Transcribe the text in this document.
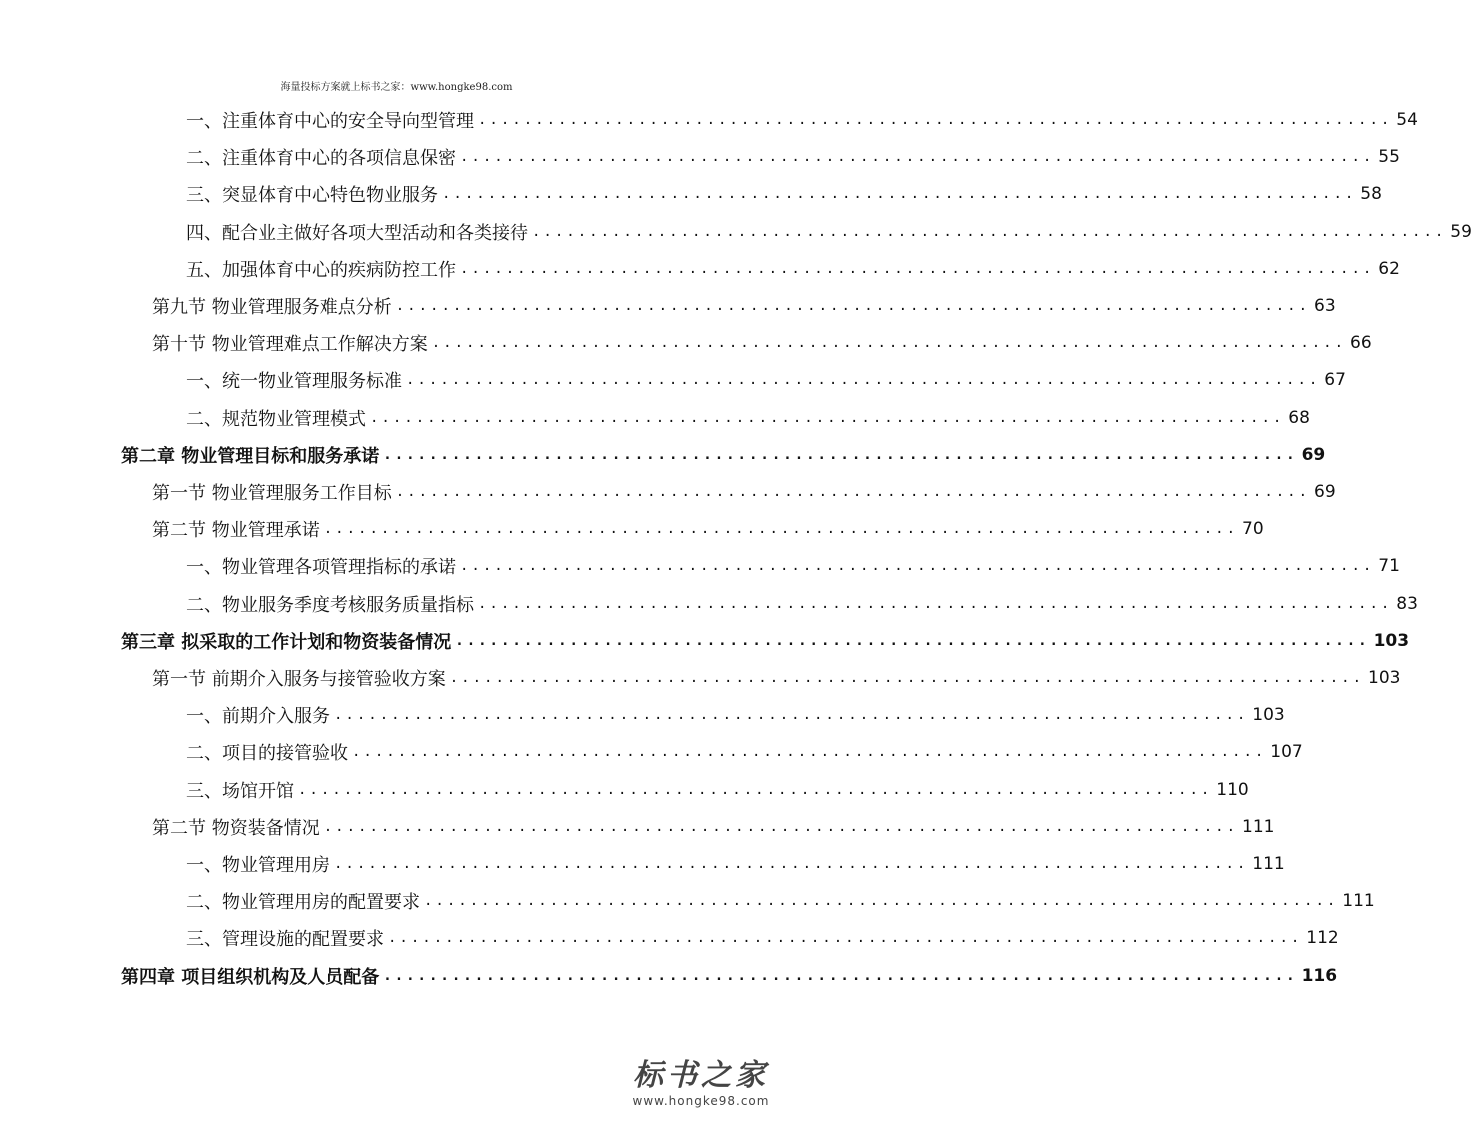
海量投标方案就上标书之家：www.hongke98.com
一、注重体育中心的安全导向型管理 ................................................................................ 54
二、注重体育中心的各项信息保密 ................................................................................ 55
三、突显体育中心特色物业服务 ................................................................................ 58
四、配合业主做好各项大型活动和各类接待 ................................................................................ 59
五、加强体育中心的疾病防控工作 ................................................................................ 62
第九节 物业管理服务难点分析 ................................................................................ 63
第十节 物业管理难点工作解决方案 ................................................................................ 66
一、统一物业管理服务标准 ................................................................................ 67
二、规范物业管理模式 ................................................................................ 68
第二章 物业管理目标和服务承诺 ................................................................................ 69
第一节 物业管理服务工作目标 ................................................................................ 69
第二节 物业管理承诺 ................................................................................ 70
一、物业管理各项管理指标的承诺 ................................................................................ 71
二、物业服务季度考核服务质量指标 ................................................................................ 83
第三章 拟采取的工作计划和物资装备情况 ................................................................................ 103
第一节 前期介入服务与接管验收方案 ................................................................................ 103
一、前期介入服务 ................................................................................ 103
二、项目的接管验收 ................................................................................ 107
三、场馆开馆 ................................................................................ 110
第二节 物资装备情况 ................................................................................ 111
一、物业管理用房 ................................................................................ 111
二、物业管理用房的配置要求 ................................................................................ 111
三、管理设施的配置要求 ................................................................................ 112
第四章 项目组织机构及人员配备 ................................................................................ 116
标书之家
www.hongke98.com
